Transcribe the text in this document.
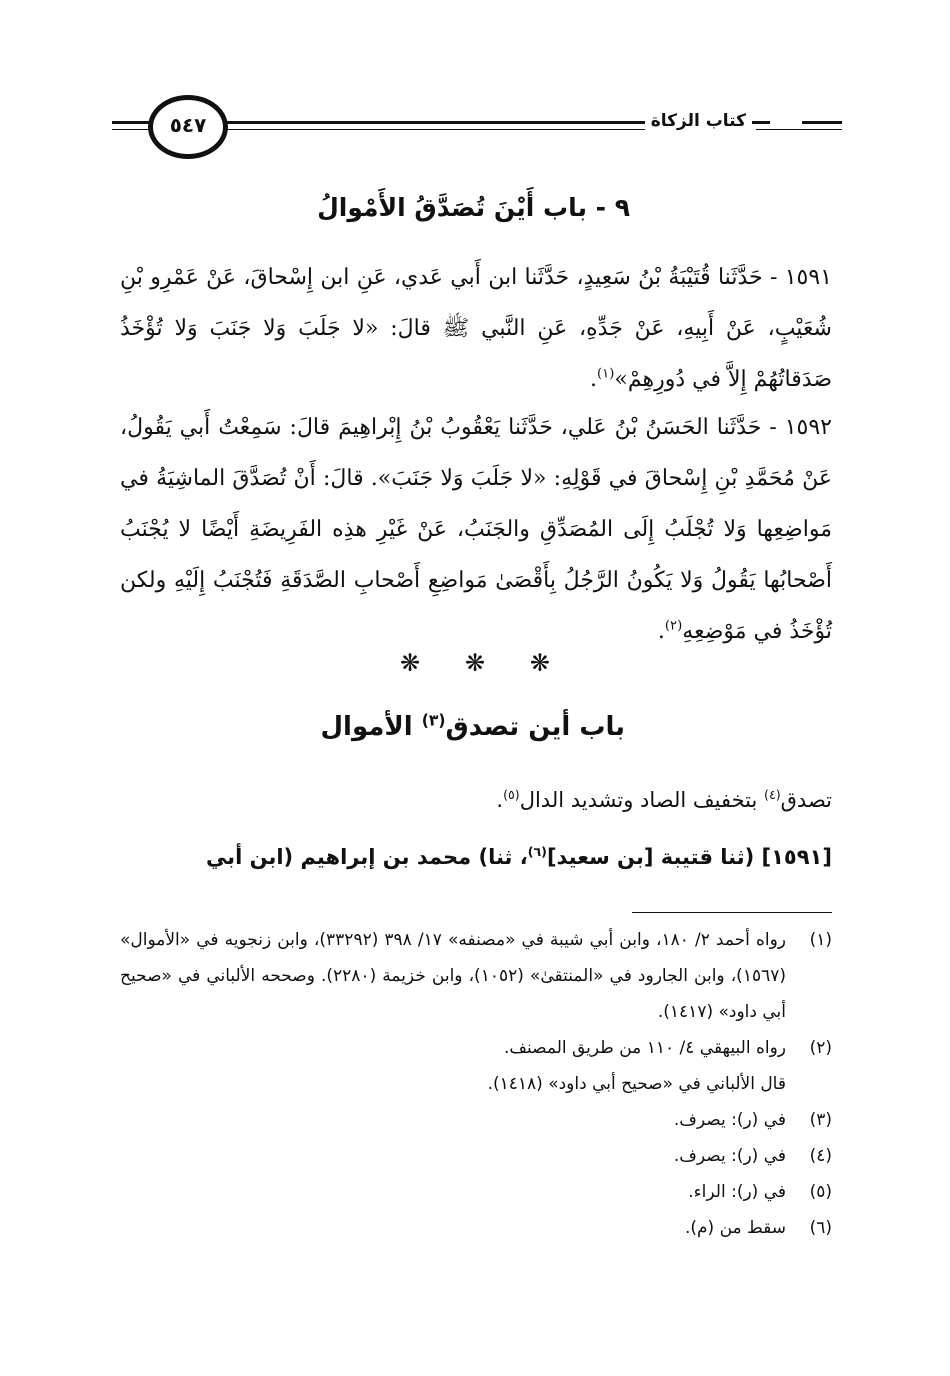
كتاب الزكاة
٥٤٧
٩ - باب أَيْنَ تُصَدَّقُ الأَمْوالُ
١٥٩١ - حَدَّثَنا قُتَيْبَةُ بْنُ سَعِيدٍ، حَدَّثَنا ابن أَبي عَدي، عَنِ ابن إِسْحاقَ، عَنْ عَمْرِو بْنِ شُعَيْبٍ، عَنْ أَبِيهِ، عَنْ جَدِّهِ، عَنِ النَّبي ﷺ قالَ: «لا جَلَبَ وَلا جَنَبَ وَلا تُؤْخَذُ صَدَقاتُهُمْ إِلاَّ في دُورِهِمْ»$^{(١)}$.
١٥٩٢ - حَدَّثَنا الحَسَنُ بْنُ عَلي، حَدَّثَنا يَعْقُوبُ بْنُ إِبْراهِيمَ قالَ: سَمِعْتُ أَبي يَقُولُ، عَنْ مُحَمَّدِ بْنِ إِسْحاقَ في قَوْلِهِ: «لا جَلَبَ وَلا جَنَبَ». قالَ: أَنْ تُصَدَّقَ الماشِيَةُ في مَواضِعِها وَلا تُجْلَبُ إِلَى المُصَدِّقِ والجَنَبُ، عَنْ غَيْرِ هذِه الفَرِيضَةِ أَيْضًا لا يُجْنَبُ أَصْحابُها يَقُولُ وَلا يَكُونُ الرَّجُلُ بِأَقْصَىٰ مَواضِعِ أَصْحابِ الصَّدَقَةِ فَتُجْنَبُ إِلَيْهِ ولكن تُؤْخَذُ في مَوْضِعِهِ$^{(٢)}$.
❋
❋
❋
باب أين تصدق$^{(٣)}$ الأموال
تصدق$^{(٤)}$ بتخفيف الصاد وتشديد الدال$^{(٥)}$.
[١٥٩١] (ثنا قتيبة [بن سعيد]$^{(٦)}$، ثنا) محمد بن إبراهيم (ابن أبي
(١)
رواه أحمد ٢/ ١٨٠، وابن أبي شيبة في «مصنفه» ١٧/ ٣٩٨ (٣٣٢٩٢)، وابن زنجويه في «الأموال» (١٥٦٧)، وابن الجارود في «المنتقىٰ» (١٠٥٢)، وابن خزيمة (٢٢٨٠). وصححه الألباني في «صحيح أبي داود» (١٤١٧).
(٢)
رواه البيهقي ٤/ ١١٠ من طريق المصنف.
قال الألباني في «صحيح أبي داود» (١٤١٨).
(٣)
في (ر): يصرف.
(٤)
في (ر): يصرف.
(٥)
في (ر): الراء.
(٦)
سقط من (م).
